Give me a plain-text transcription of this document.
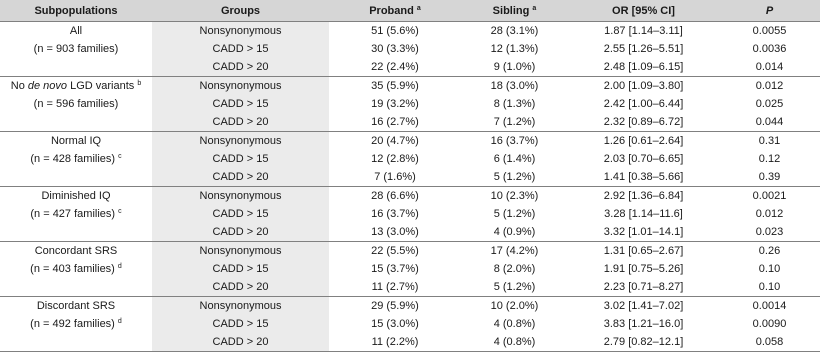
Subpopulations	Groups	Proband $^a$	Sibling $^a$	OR [95% CI]	P

All
(n = 903 families)	Nonsynonymous	51 (5.6%)	28 (3.1%)	1.87 [1.14–3.11]	0.0055
	CADD > 15	30 (3.3%)	12 (1.3%)	2.55 [1.26–5.51]	0.0036
	CADD > 20	22 (2.4%)	9 (1.0%)	2.48 [1.09–6.15]	0.014

No de novo LGD variants $^b$
(n = 596 families)	Nonsynonymous	35 (5.9%)	18 (3.0%)	2.00 [1.09–3.80]	0.012
	CADD > 15	19 (3.2%)	8 (1.3%)	2.42 [1.00–6.44]	0.025
	CADD > 20	16 (2.7%)	7 (1.2%)	2.32 [0.89–6.72]	0.044

Normal IQ
(n = 428 families) $^c$	Nonsynonymous	20 (4.7%)	16 (3.7%)	1.26 [0.61–2.64]	0.31
	CADD > 15	12 (2.8%)	6 (1.4%)	2.03 [0.70–6.65]	0.12
	CADD > 20	7 (1.6%)	5 (1.2%)	1.41 [0.38–5.66]	0.39

Diminished IQ
(n = 427 families) $^c$	Nonsynonymous	28 (6.6%)	10 (2.3%)	2.92 [1.36–6.84]	0.0021
	CADD > 15	16 (3.7%)	5 (1.2%)	3.28 [1.14–11.6]	0.012
	CADD > 20	13 (3.0%)	4 (0.9%)	3.32 [1.01–14.1]	0.023

Concordant SRS
(n = 403 families) $^d$	Nonsynonymous	22 (5.5%)	17 (4.2%)	1.31 [0.65–2.67]	0.26
	CADD > 15	15 (3.7%)	8 (2.0%)	1.91 [0.75–5.26]	0.10
	CADD > 20	11 (2.7%)	5 (1.2%)	2.23 [0.71–8.27]	0.10

Discordant SRS
(n = 492 families) $^d$	Nonsynonymous	29 (5.9%)	10 (2.0%)	3.02 [1.41–7.02]	0.0014
	CADD > 15	15 (3.0%)	4 (0.8%)	3.83 [1.21–16.0]	0.0090
	CADD > 20	11 (2.2%)	4 (0.8%)	2.79 [0.82–12.1]	0.058
